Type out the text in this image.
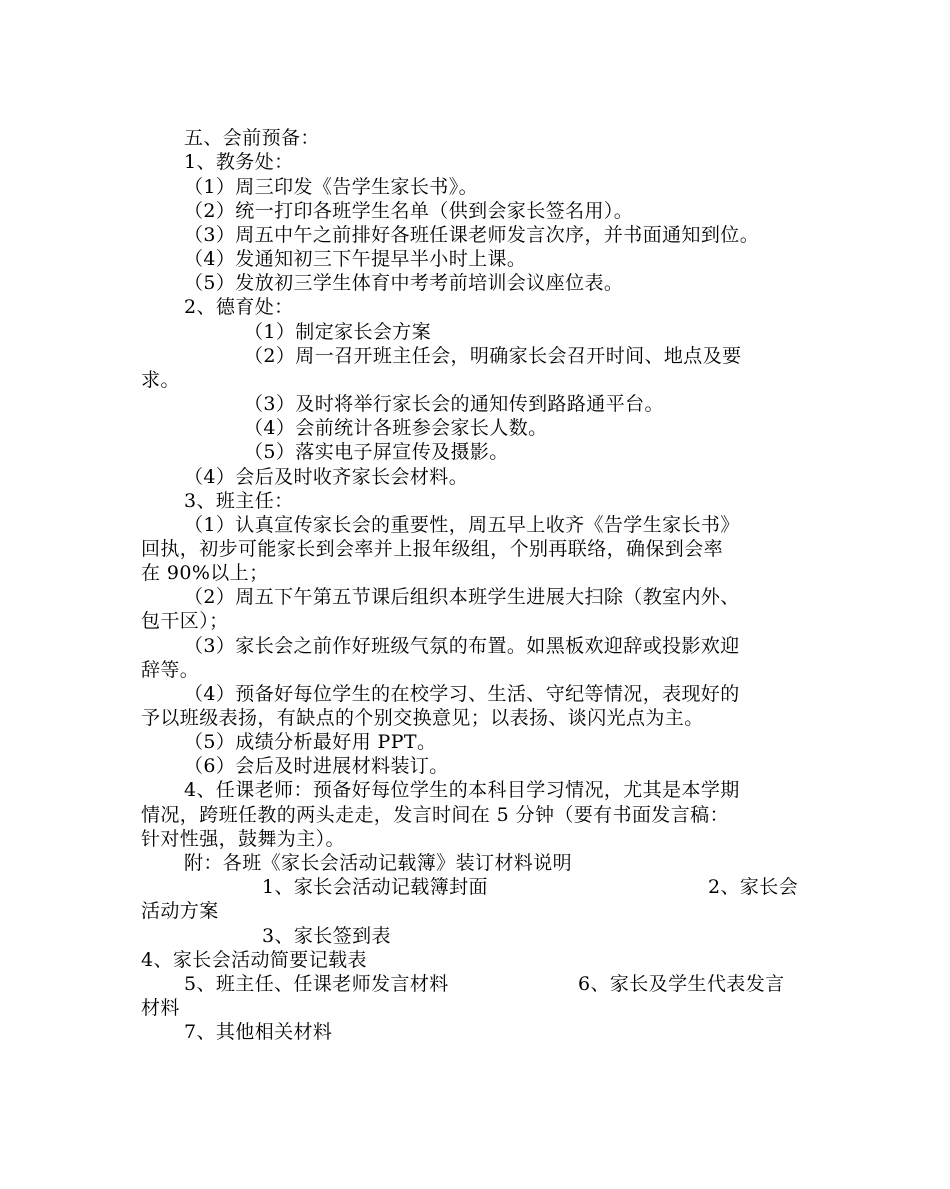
五、会前预备：
1、教务处：
（1）周三印发《告学生家长书》。
（2）统一打印各班学生名单（供到会家长签名用）。
（3）周五中午之前排好各班任课老师发言次序，并书面通知到位。
（4）发通知初三下午提早半小时上课。
（5）发放初三学生体育中考考前培训会议座位表。
2、德育处：
（1）制定家长会方案
（2）周一召开班主任会，明确家长会召开时间、地点及要
求。
（3）及时将举行家长会的通知传到路路通平台。
（4）会前统计各班参会家长人数。
（5）落实电子屏宣传及摄影。
（4）会后及时收齐家长会材料。
3、班主任：
（1）认真宣传家长会的重要性，周五早上收齐《告学生家长书》
回执，初步可能家长到会率并上报年级组，个别再联络，确保到会率
在 90%以上；
（2）周五下午第五节课后组织本班学生进展大扫除（教室内外、
包干区）；
（3）家长会之前作好班级气氛的布置。如黑板欢迎辞或投影欢迎
辞等。
（4）预备好每位学生的在校学习、生活、守纪等情况，表现好的
予以班级表扬，有缺点的个别交换意见；以表扬、谈闪光点为主。
（5）成绩分析最好用 PPT。
（6）会后及时进展材料装订。
4、任课老师：预备好每位学生的本科目学习情况，尤其是本学期
情况，跨班任教的两头走走，发言时间在 5 分钟（要有书面发言稿：
针对性强，鼓舞为主）。
附：各班《家长会活动记载簿》装订材料说明
1、家长会活动记载簿封面	2、家长会
活动方案
3、家长签到表
4、家长会活动简要记载表
5、班主任、任课老师发言材料	6、家长及学生代表发言
材料
7、其他相关材料
